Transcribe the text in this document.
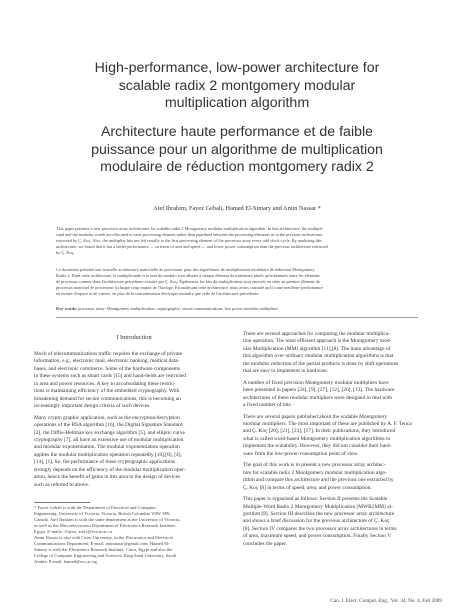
High-performance, low-power architecture for
scalable radix 2 montgomery modular
multiplication algorithm
Architecture haute performance et de faible
puissance pour un algorithme de multiplication
modulaire de réduction montgomery radix 2
Atef Ibrahim, Fayez Gebali, Hamed El-Simary and Amin Nassar *
This paper presents a new processor array architecture for scalable radix 2 Montgomery modular multiplication algorithm. In this architecture, the multipli-
cand and the modulus words are allocated to each processing element rather than pipelined between the processing elements as in the previous architecture
extracted by Ç. Koç. Also, the multiplier bits are fed serially to the first processing element of the processor array every odd clock cycle. By analyzing this
architecture, we found that it has a better performance — in terms of area and speed — and lower power consumption than the previous architecture extracted
by Ç. Koç.
Ce document présente une nouvelle architecture matricielle de processeur pour des algorithmes de multiplication modulaire de réduction Montgomery
Radix 2. Dans cette architecture, le multiplicande et le mot du modulo sont alloués à chaque élément de traitement plutôt qu'acheminés entre les éléments
de processus comme dans l'architecture précédente extraite par Ç. Koç. Également, les bits du multiplicateur sont envoyés en série au premier élément de
processus matriciel de processeur à chaque coup impair de l'horloge. En analysant cette architecture, nous avons constaté qu'il a une meilleure performance
en termes d'espace et de vitesse, en plus de la consommation électrique moindre que celle de l'architecture précédente.
Key words: processor array; Montgomery multiplication; cryptography; secure communications; low power modular multipliers
I Introduction
Much of telecommunications traffic requires the exchange of private
information, e.g., electronic mail, electronic banking, medical data-
bases, and electronic commerce. Some of the hardware components
in these systems such as smart cards [15] and hand-helds are restricted
in area and power resources. A key to accomodating these restric-
tions is maintaining efficiency of the embedded cryptography. With
broadening demand for secure communications, this is becoming an
increasingly important design criteria of such devices.
Many crypto graphic application, such as the encryption/decryption
operations of the RSA algorithm [16], the Digital Signature Standard
[2], the Diffie-Hellman key exchange algorithm [5], and elliptic curve
cryptography [7], all have an extensive use of modular multiplication
and modular exponentiation. The modular exponentiation operation
applies the modular multiplication operation repeatedly [10],[6], [4],
[14], [1], So, the performance of these cryptographic applications
strongly depends on the efficiency of the modular multiplication oper-
ation, hence the benefit of gains in this area to the design of devices
such as referred to above.
There are several approaches for computing the modular multiplica-
tion operation. The most efficient approach is the Montgomery mod-
ular Multiplication (MM) algorithm [11],[8]. The main advantage of
this algorithm over ordinary modular multiplication algorithms is that
the modulus reduction of the partial products is done by shift operations
that are easy to implement in hardware.
A number of fixed precision Montgomery modular multipliers have
been presented in papers [24], [9], [27], [12], [26], [13]. The hardware
architectures of these modular multipliers were designed to deal with
a fixed number of bits.
There are several papers published about the scalable Montgomery
modular multipliers. The most important of these are published by A. F. Tenca
and Ç. Koç [20], [21], [23], [17]. In their publications, they introduced
what is called word-based Montgomery multiplication algorithms to
implement the scalability. However, they did not consider their hard-
ware from the low-power-consumption point of view.
The goal of this work is to present a new processor array architec-
ture for scalable radix 2 Montgomery modular multiplication algo-
rithm and compare this architecture and the previous one extracted by
Ç. Koç [8] in terms of speed, area, and power consumption.
This paper is organized as follows: Section II presents the Scalable
Multiple-Word Radix 2 Montgomery Multiplication (MWR2MM) al-
gorithm [8]. Section III describes the new processor array architecture
and shows a brief discussion for the previous architecture of Ç. Koç
[8]. Section IV compares the two processor array architectures in terms
of area, maximum speed, and power consumption. Finally Section V
concludes the paper.
* Fayez Gebali is with the Department of Electrical and Computer
Engineering, University of Victoria, Victoria, British Columbia V8W 3P6,
Canada. Atef Ibrahim is with the same department at the University of Victoria,
as well as the Microelectronics Department of Electronics Research Institute,
Egypt. E-mails: {fayez, atef}@ece.uvic.ca
Amin Nassar is also with Cairo University, in the Electronics and Electrical
Communications Department. E-mail: aminassar@gmail.com. Hamed El-
Simary is with the Electronics Research Institute, Cairo, Egypt and also the
College of Computer Engineering and Sciences, King Saud University, Saudi
Arabia. E-mail: hamed@ecs.ac.eg.
Can. J. Elect. Comput. Eng., Vol. 34, No. 4, Fall 2009
